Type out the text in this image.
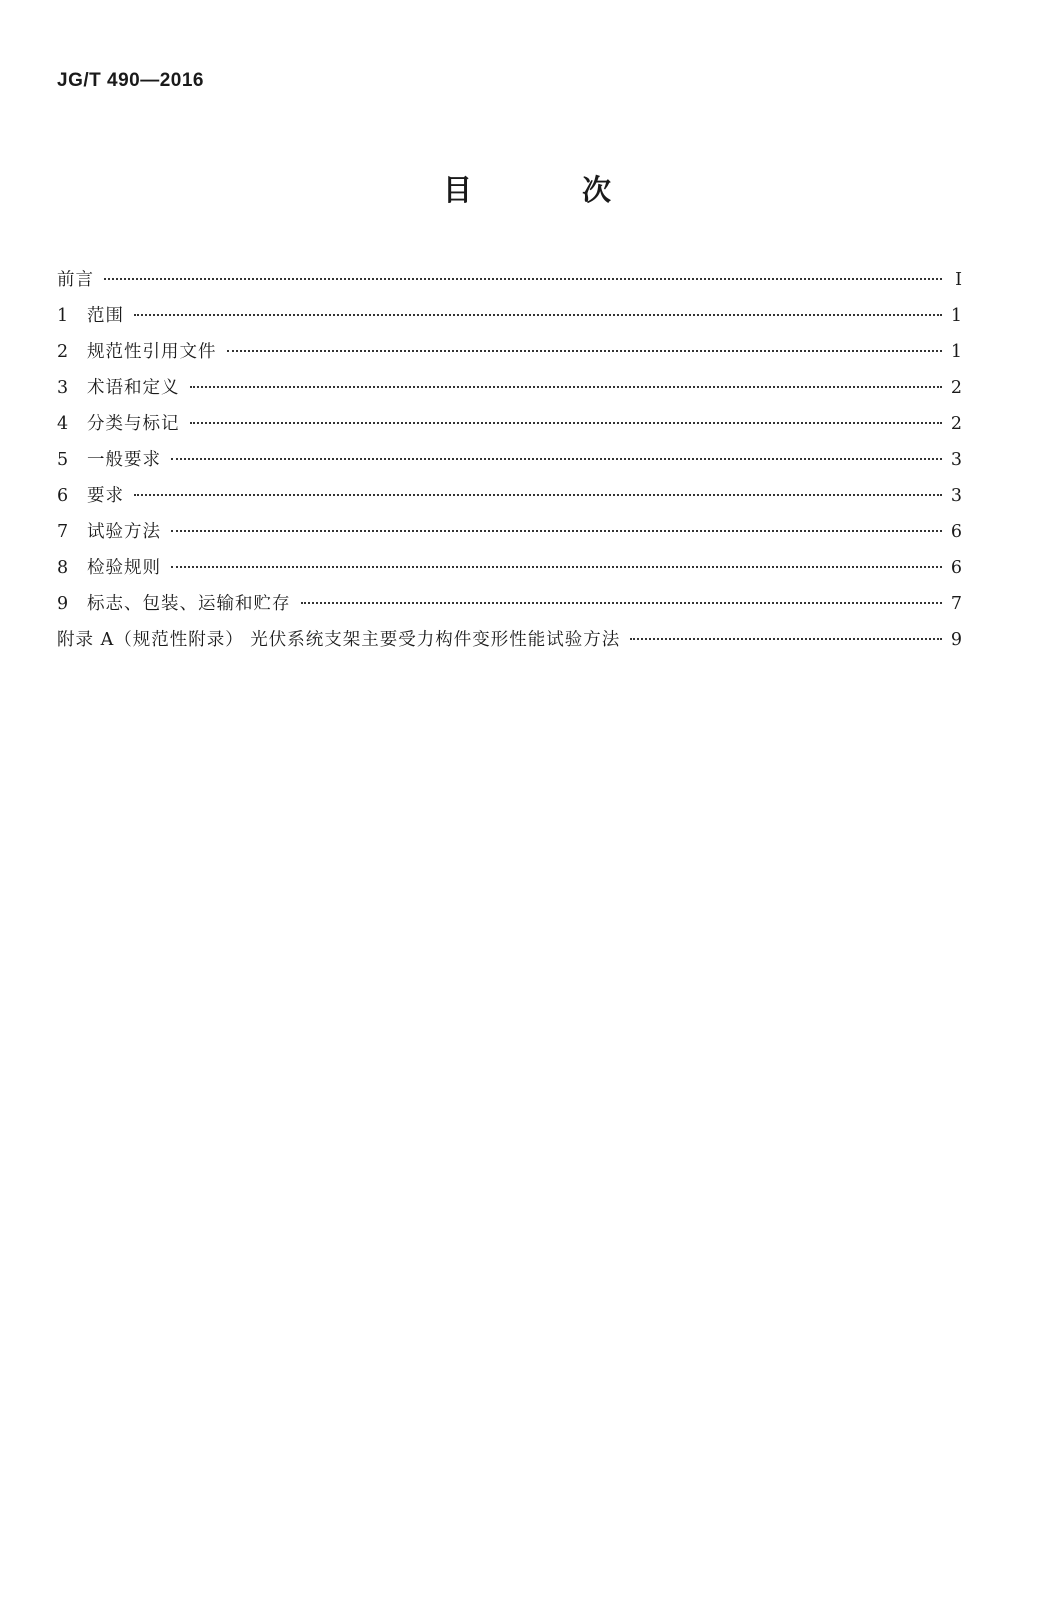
JG/T 490—2016
目 次
前言	Ⅰ
1	范围	1
2	规范性引用文件	1
3	术语和定义	2
4	分类与标记	2
5	一般要求	3
6	要求	3
7	试验方法	6
8	检验规则	6
9	标志、包装、运输和贮存	7
附录 A（规范性附录） 光伏系统支架主要受力构件变形性能试验方法	9
